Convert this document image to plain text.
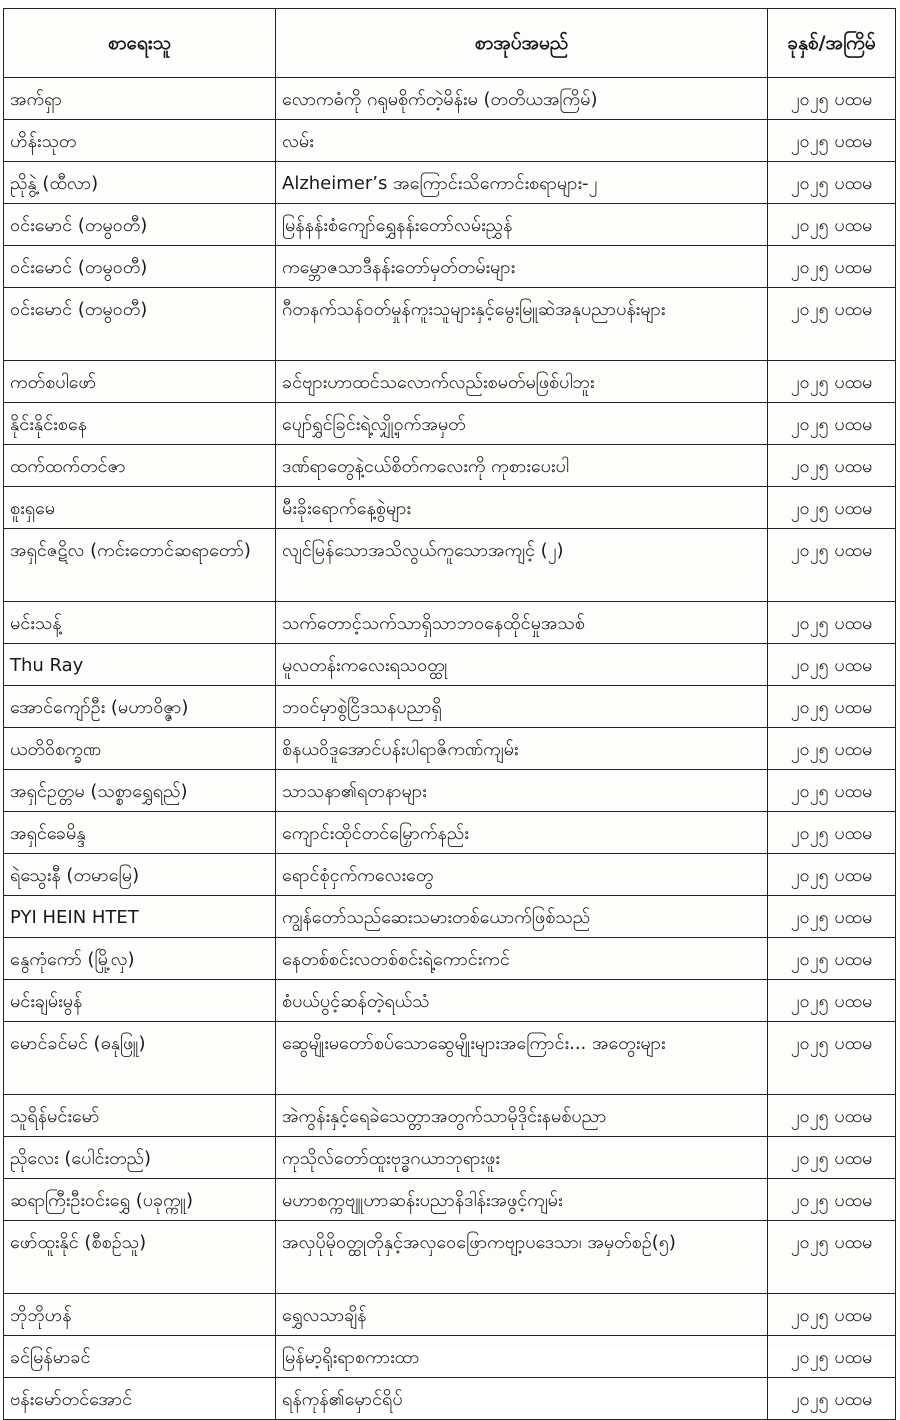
စာရေးသူ	စာအုပ်အမည်	ခုနှစ်/အကြိမ်
အက်ရှာ	လောကဓံကို ဂရုမစိုက်တဲ့မိန်းမ (တတိယအကြိမ်)	၂၀၂၅ ပထမ
ဟိန်းသုတ	လမ်း	၂၀၂၅ ပထမ
ညိုနွဲ့ (ထီလာ)	Alzheimer’s အကြောင်းသိကောင်းစရာများ-၂	၂၀၂၅ ပထမ
ဝင်းမောင် (တမွဝတီ)	မြန်နန်းစံကျော်ရွှေနန်းတော်လမ်းညွှန်	၂၀၂၅ ပထမ
ဝင်းမောင် (တမွဝတီ)	ကမ္ဘောဇသာဒီနန်းတော်မှတ်တမ်းများ	၂၀၂၅ ပထမ
ဝင်းမောင် (တမွဝတီ)	ဂီတနက်သန်ဝတ်မှုန်ကူးသူများနှင့်မွေးမြူဆဲအနုပညာပန်းများ	၂၀၂၅ ပထမ
ကတ်စပါဖော်	ခင်ဗျားဟာထင်သလောက်လည်းစမတ်မဖြစ်ပါဘူး	၂၀၂၅ ပထမ
နိုင်းနိုင်းစနေ	ပျော်ရွှင်ခြင်းရဲ့လျှို့ဝှက်အမှတ်	၂၀၂၅ ပထမ
ထက်ထက်တင်ဇာ	ဒဏ်ရာတွေနဲ့ငယ်စိတ်ကလေးကို ကုစားပေးပါ	၂၀၂၅ ပထမ
စူးရှမေ	မီးခိုးရောက်နေ့စွဲများ	၂၀၂၅ ပထမ
အရှင်ဇဋိလ (ကင်းတောင်ဆရာတော်)	လျင်မြန်သောအသိလွယ်ကူသောအကျင့် (၂)	၂၀၂၅ ပထမ
မင်းသန့်	သက်တောင့်သက်သာရှိသာဘဝနေထိုင်မှုအသစ်	၂၀၂၅ ပထမ
Thu Ray	မူလတန်းကလေးရသဝတ္ထု	၂၀၂၅ ပထမ
အောင်ကျော်ဦး (မဟာဝိဇ္ဇာ)	ဘဝင်မှာစွဲငြိဒသနပညာရှိ	၂၀၂၅ ပထမ
ယတိဝိစက္ခဏ	စိနယဝိဒူအောင်ပန်းပါရာဇိကဏ်ကျမ်း	၂၀၂၅ ပထမ
အရှင်ဥတ္တမ (သစ္စာရွှေရည်)	သာသနာ၏ရတနာများ	၂၀၂၅ ပထမ
အရှင်ခေမိန္ဒ	ကျောင်းထိုင်တင်မြှောက်နည်း	၂၀၂၅ ပထမ
ရဲသွေးနီ (တမာမြေ)	ရောင်စုံငှက်ကလေးတွေ	၂၀၂၅ ပထမ
PYI HEIN HTET	ကျွန်တော်သည်ဆေးသမားတစ်ယောက်ဖြစ်သည်	၂၀၂၅ ပထမ
နွေကုံကော် (မြို့လှ)	နေတစ်စင်းလတစ်စင်းရဲ့ကောင်းကင်	၂၀၂၅ ပထမ
မင်းချမ်းမွန်	စံပယ်ပွင့်ဆန်တဲ့ရယ်သံ	၂၀၂၅ ပထမ
မောင်ခင်မင် (ဓနုဖြူ)	ဆွေမျိုးမတော်စပ်သောဆွေမျိုးများအကြောင်း... အတွေးများ	၂၀၂၅ ပထမ
သူရိန်မင်းမော်	အဲကွန်းနှင့်ရေခဲသေတ္တာအတွက်သာမိုဒိုင်းနမစ်ပညာ	၂၀၂၅ ပထမ
ညိုလေး (ပေါင်းတည်)	ကုသိုလ်တော်ထူးဗုဒ္ဓဂယာဘုရားဖူး	၂၀၂၅ ပထမ
ဆရာကြီးဦးဝင်းရွှေ (ပခုက္ကူ)	မဟာစက္ကဗျူဟာဆန်းပညာနိဒါန်းအဖွင့်ကျမ်း	၂၀၂၅ ပထမ
ဖော်ထူးနိုင် (စီစဉ်သူ)	အလှပိုမိုဝတ္ထုတိုနှင့်အလှဝေဖြောကဗျာ့ပဒေသာ၊ အမှတ်စဉ်(၅)	၂၀၂၅ ပထမ
ဘိုဘိုဟန်	ရွှေလသာချိန်	၂၀၂၅ ပထမ
ခင်မြန်မာခင်	မြန်မာ့ရိုးရာစကားထာ	၂၀၂၅ ပထမ
ဗန်းမော်တင်အောင်	ရန်ကုန်၏မှောင်ရိပ်	၂၀၂၅ ပထမ
